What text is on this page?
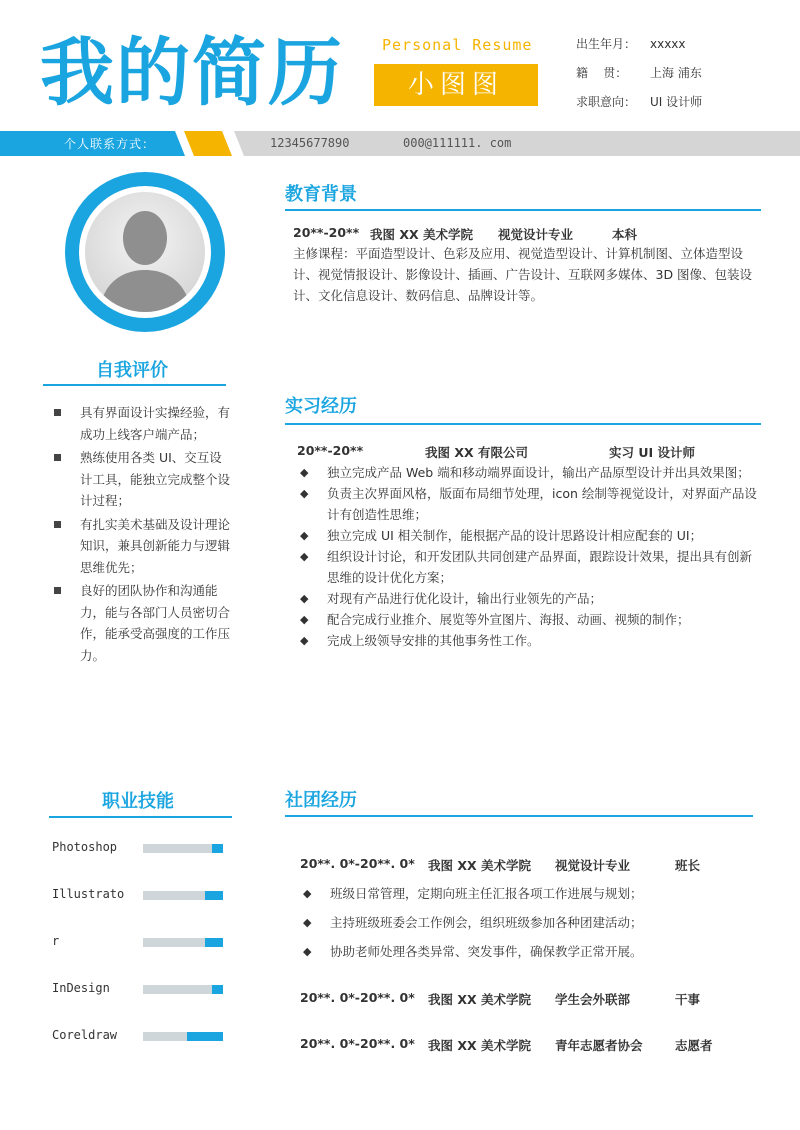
我的简历	Personal Resume
小图图
出生年月： xxxxx
籍    贯： 上海 浦东
求职意向： UI 设计师
个人联系方式：	12345677890	000@111111. com
自我评价
具有界面设计实操经验，有成功上线客户端产品；
熟练使用各类 UI、交互设计工具，能独立完成整个设计过程；
有扎实美术基础及设计理论知识，兼具创新能力与逻辑思维优先；
良好的团队协作和沟通能力，能与各部门人员密切合作，能承受高强度的工作压力。
职业技能
Photoshop
Illustrato
r
InDesign
Coreldraw
教育背景
20**-20** 我图 XX 美术学院 视觉设计专业	本科
主修课程：平面造型设计、色彩及应用、视觉造型设计、计算机制图、立体造型设计、视觉情报设计、影像设计、插画、广告设计、互联网多媒体、3D 图像、包装设计、文化信息设计、数码信息、品牌设计等。
实习经历
20**-20**	我图 XX 有限公司	实习 UI 设计师
◆ 独立完成产品 Web 端和移动端界面设计，输出产品原型设计并出具效果图；
◆ 负责主次界面风格，版面布局细节处理，icon 绘制等视觉设计，对界面产品设计有创造性思维；
◆ 独立完成 UI 相关制作，能根据产品的设计思路设计相应配套的 UI；
◆ 组织设计讨论，和开发团队共同创建产品界面，跟踪设计效果，提出具有创新思维的设计优化方案；
◆ 对现有产品进行优化设计，输出行业领先的产品；
◆ 配合完成行业推介、展览等外宣图片、海报、动画、视频的制作；
◆ 完成上级领导安排的其他事务性工作。
社团经历
20**. 0*-20**. 0* 我图 XX 美术学院 视觉设计专业	班长
◆ 班级日常管理，定期向班主任汇报各项工作进展与规划；
◆ 主持班级班委会工作例会，组织班级参加各种团建活动；
◆ 协助老师处理各类异常、突发事件，确保教学正常开展。
20**. 0*-20**. 0* 我图 XX 美术学院 学生会外联部	干事
20**. 0*-20**. 0* 我图 XX 美术学院 青年志愿者协会	志愿者
